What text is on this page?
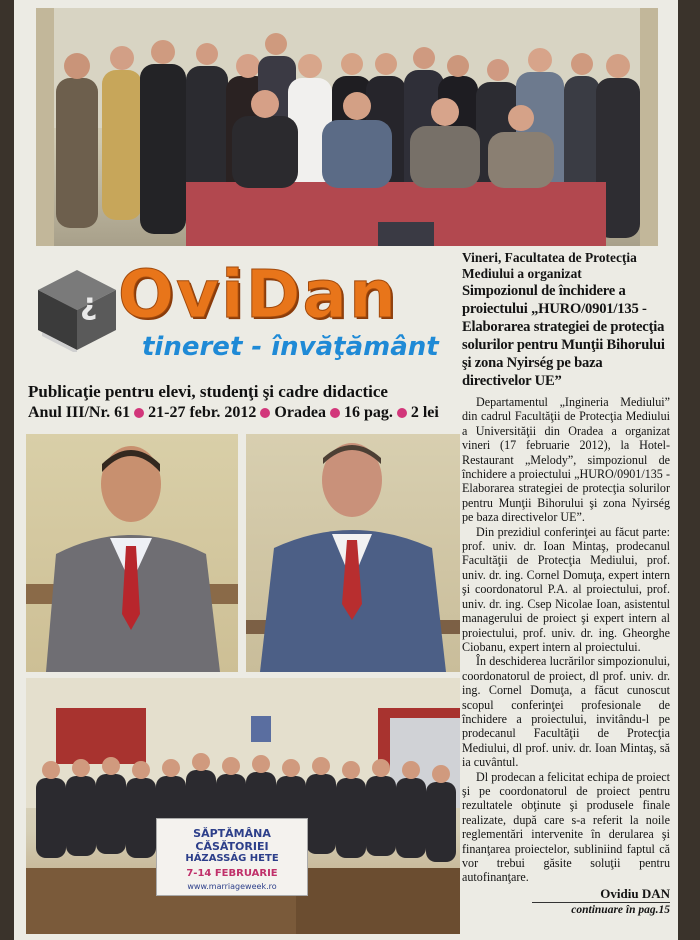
¿ OviDan
tineret - învăţământ
Publicaţie pentru elevi, studenţi şi cadre didactice
Anul III/Nr. 61 21-27 febr. 2012 Oradea 16 pag. 2 lei
SĂPTĂMÂNA CĂSĂTORIEI
HÁZASSÁG HETE
7-14 FEBRUARIE
www.marriageweek.ro
Vineri, Facultatea de Protecţia Mediului a organizat
Simpozionul de închidere a proiectului „HURO/0901/135 - Elaborarea strategiei de protecţia solurilor pentru Munţii Bihorului şi zona Nyirség pe baza directivelor UE”

Departamentul „Ingineria Mediului” din cadrul Facultăţii de Protecţia Mediului a Universităţii din Oradea a organizat vineri (17 februarie 2012), la Hotel-Restaurant „Melody”, simpozionul de închidere a proiectului „HURO/0901/135 - Elaborarea strategiei de protecţia solurilor pentru Munţii Bihorului şi zona Nyirség pe baza directivelor UE”.

Din prezidiul conferinţei au făcut parte: prof. univ. dr. Ioan Mintaş, prodecanul Facultăţii de Protecţia Mediului, prof. univ. dr. ing. Cornel Domuţa, expert intern şi coordonatorul P.A. al proiectului, prof. univ. dr. ing. Csep Nicolae Ioan, asistentul managerului de proiect şi expert intern al proiectului, prof. univ. dr. ing. Gheorghe Ciobanu, expert intern al proiectului.

În deschiderea lucrărilor simpozionului, coordonatorul de proiect, dl prof. univ. dr. ing. Cornel Domuţa, a făcut cunoscut scopul conferinţei profesionale de închidere a proiectului, invitându-l pe prodecanul Facultăţii de Protecţia Mediului, dl prof. univ. dr. Ioan Mintaş, să ia cuvântul.

Dl prodecan a felicitat echipa de proiect şi pe coordonatorul de proiect pentru rezultatele obţinute şi produsele finale realizate, după care s-a referit la noile reglementări intervenite în derularea şi finanţarea proiectelor, subliniind faptul că vor trebui găsite soluţii pentru autofinanţare.

Ovidiu DAN
continuare în pag.15
